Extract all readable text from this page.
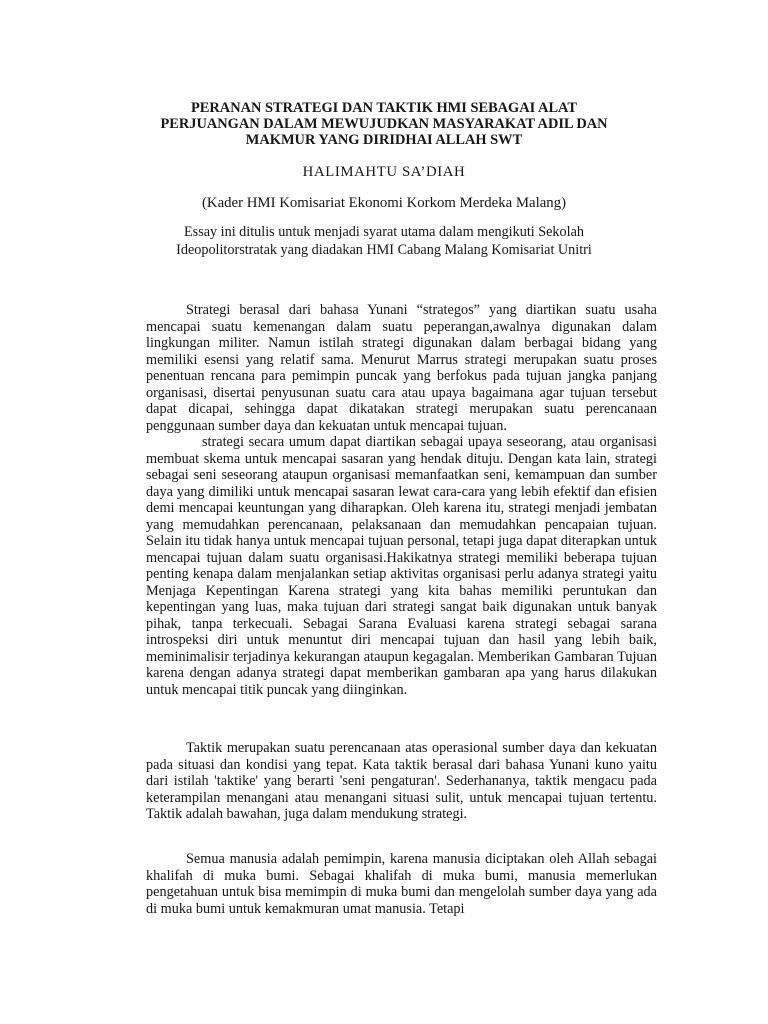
PERANAN STRATEGI DAN TAKTIK HMI SEBAGAI ALAT
PERJUANGAN DALAM MEWUJUDKAN MASYARAKAT ADIL DAN
MAKMUR YANG DIRIDHAI ALLAH SWT

HALIMAHTU SA’DIAH

(Kader HMI Komisariat Ekonomi Korkom Merdeka Malang)

Essay ini ditulis untuk menjadi syarat utama dalam mengikuti Sekolah
Ideopolitorstratak yang diadakan HMI Cabang Malang Komisariat Unitri

Strategi berasal dari bahasa Yunani “strategos” yang diartikan suatu usaha mencapai suatu kemenangan dalam suatu peperangan,awalnya digunakan dalam lingkungan militer. Namun istilah strategi digunakan dalam berbagai bidang yang memiliki esensi yang relatif sama. Menurut Marrus strategi merupakan suatu proses penentuan rencana para pemimpin puncak yang berfokus pada tujuan jangka panjang organisasi, disertai penyusunan suatu cara atau upaya bagaimana agar tujuan tersebut dapat dicapai, sehingga dapat dikatakan strategi merupakan suatu perencanaan penggunaan sumber daya dan kekuatan untuk mencapai tujuan.

strategi secara umum dapat diartikan sebagai upaya seseorang, atau organisasi membuat skema untuk mencapai sasaran yang hendak dituju. Dengan kata lain, strategi sebagai seni seseorang ataupun organisasi memanfaatkan seni, kemampuan dan sumber daya yang dimiliki untuk mencapai sasaran lewat cara-cara yang lebih efektif dan efisien demi mencapai keuntungan yang diharapkan. Oleh karena itu, strategi menjadi jembatan yang memudahkan perencanaan, pelaksanaan dan memudahkan pencapaian tujuan. Selain itu tidak hanya untuk mencapai tujuan personal, tetapi juga dapat diterapkan untuk mencapai tujuan dalam suatu organisasi.Hakikatnya strategi memiliki beberapa tujuan penting kenapa dalam menjalankan setiap aktivitas organisasi perlu adanya strategi yaitu Menjaga Kepentingan Karena strategi yang kita bahas memiliki peruntukan dan kepentingan yang luas, maka tujuan dari strategi sangat baik digunakan untuk banyak pihak, tanpa terkecuali. Sebagai Sarana Evaluasi karena strategi sebagai sarana introspeksi diri untuk menuntut diri mencapai tujuan dan hasil yang lebih baik, meminimalisir terjadinya kekurangan ataupun kegagalan. Memberikan Gambaran Tujuan karena dengan adanya strategi dapat memberikan gambaran apa yang harus dilakukan untuk mencapai titik puncak yang diinginkan.

Taktik merupakan suatu perencanaan atas operasional sumber daya dan kekuatan pada situasi dan kondisi yang tepat. Kata taktik berasal dari bahasa Yunani kuno yaitu dari istilah 'taktike' yang berarti 'seni pengaturan'. Sederhananya, taktik mengacu pada keterampilan menangani atau menangani situasi sulit, untuk mencapai tujuan tertentu. Taktik adalah bawahan, juga dalam mendukung strategi.

Semua manusia adalah pemimpin, karena manusia diciptakan oleh Allah sebagai khalifah di muka bumi. Sebagai khalifah di muka bumi, manusia memerlukan pengetahuan untuk bisa memimpin di muka bumi dan mengelolah sumber daya yang ada di muka bumi untuk kemakmuran umat manusia. Tetapi
